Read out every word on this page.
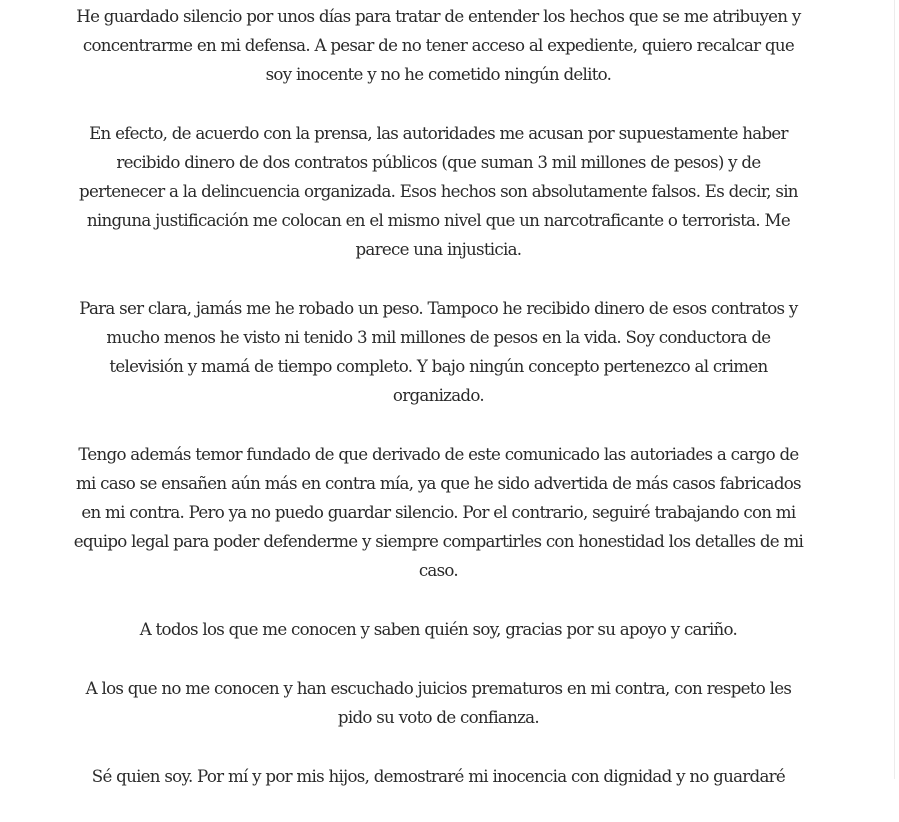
He guardado silencio por unos días para tratar de entender los hechos que se me atribuyen y
concentrarme en mi defensa. A pesar de no tener acceso al expediente, quiero recalcar que
soy inocente y no he cometido ningún delito.

En efecto, de acuerdo con la prensa, las autoridades me acusan por supuestamente haber
recibido dinero de dos contratos públicos (que suman 3 mil millones de pesos) y de
pertenecer a la delincuencia organizada. Esos hechos son absolutamente falsos. Es decir, sin
ninguna justificación me colocan en el mismo nivel que un narcotraficante o terrorista. Me
parece una injusticia.

Para ser clara, jamás me he robado un peso. Tampoco he recibido dinero de esos contratos y
mucho menos he visto ni tenido 3 mil millones de pesos en la vida. Soy conductora de
televisión y mamá de tiempo completo. Y bajo ningún concepto pertenezco al crimen
organizado.

Tengo además temor fundado de que derivado de este comunicado las autoriades a cargo de
mi caso se ensañen aún más en contra mía, ya que he sido advertida de más casos fabricados
en mi contra. Pero ya no puedo guardar silencio. Por el contrario, seguiré trabajando con mi
equipo legal para poder defenderme y siempre compartirles con honestidad los detalles de mi
caso.

A todos los que me conocen y saben quién soy, gracias por su apoyo y cariño.

A los que no me conocen y han escuchado juicios prematuros en mi contra, con respeto les
pido su voto de confianza.

Sé quien soy. Por mí y por mis hijos, demostraré mi inocencia con dignidad y no guardaré
